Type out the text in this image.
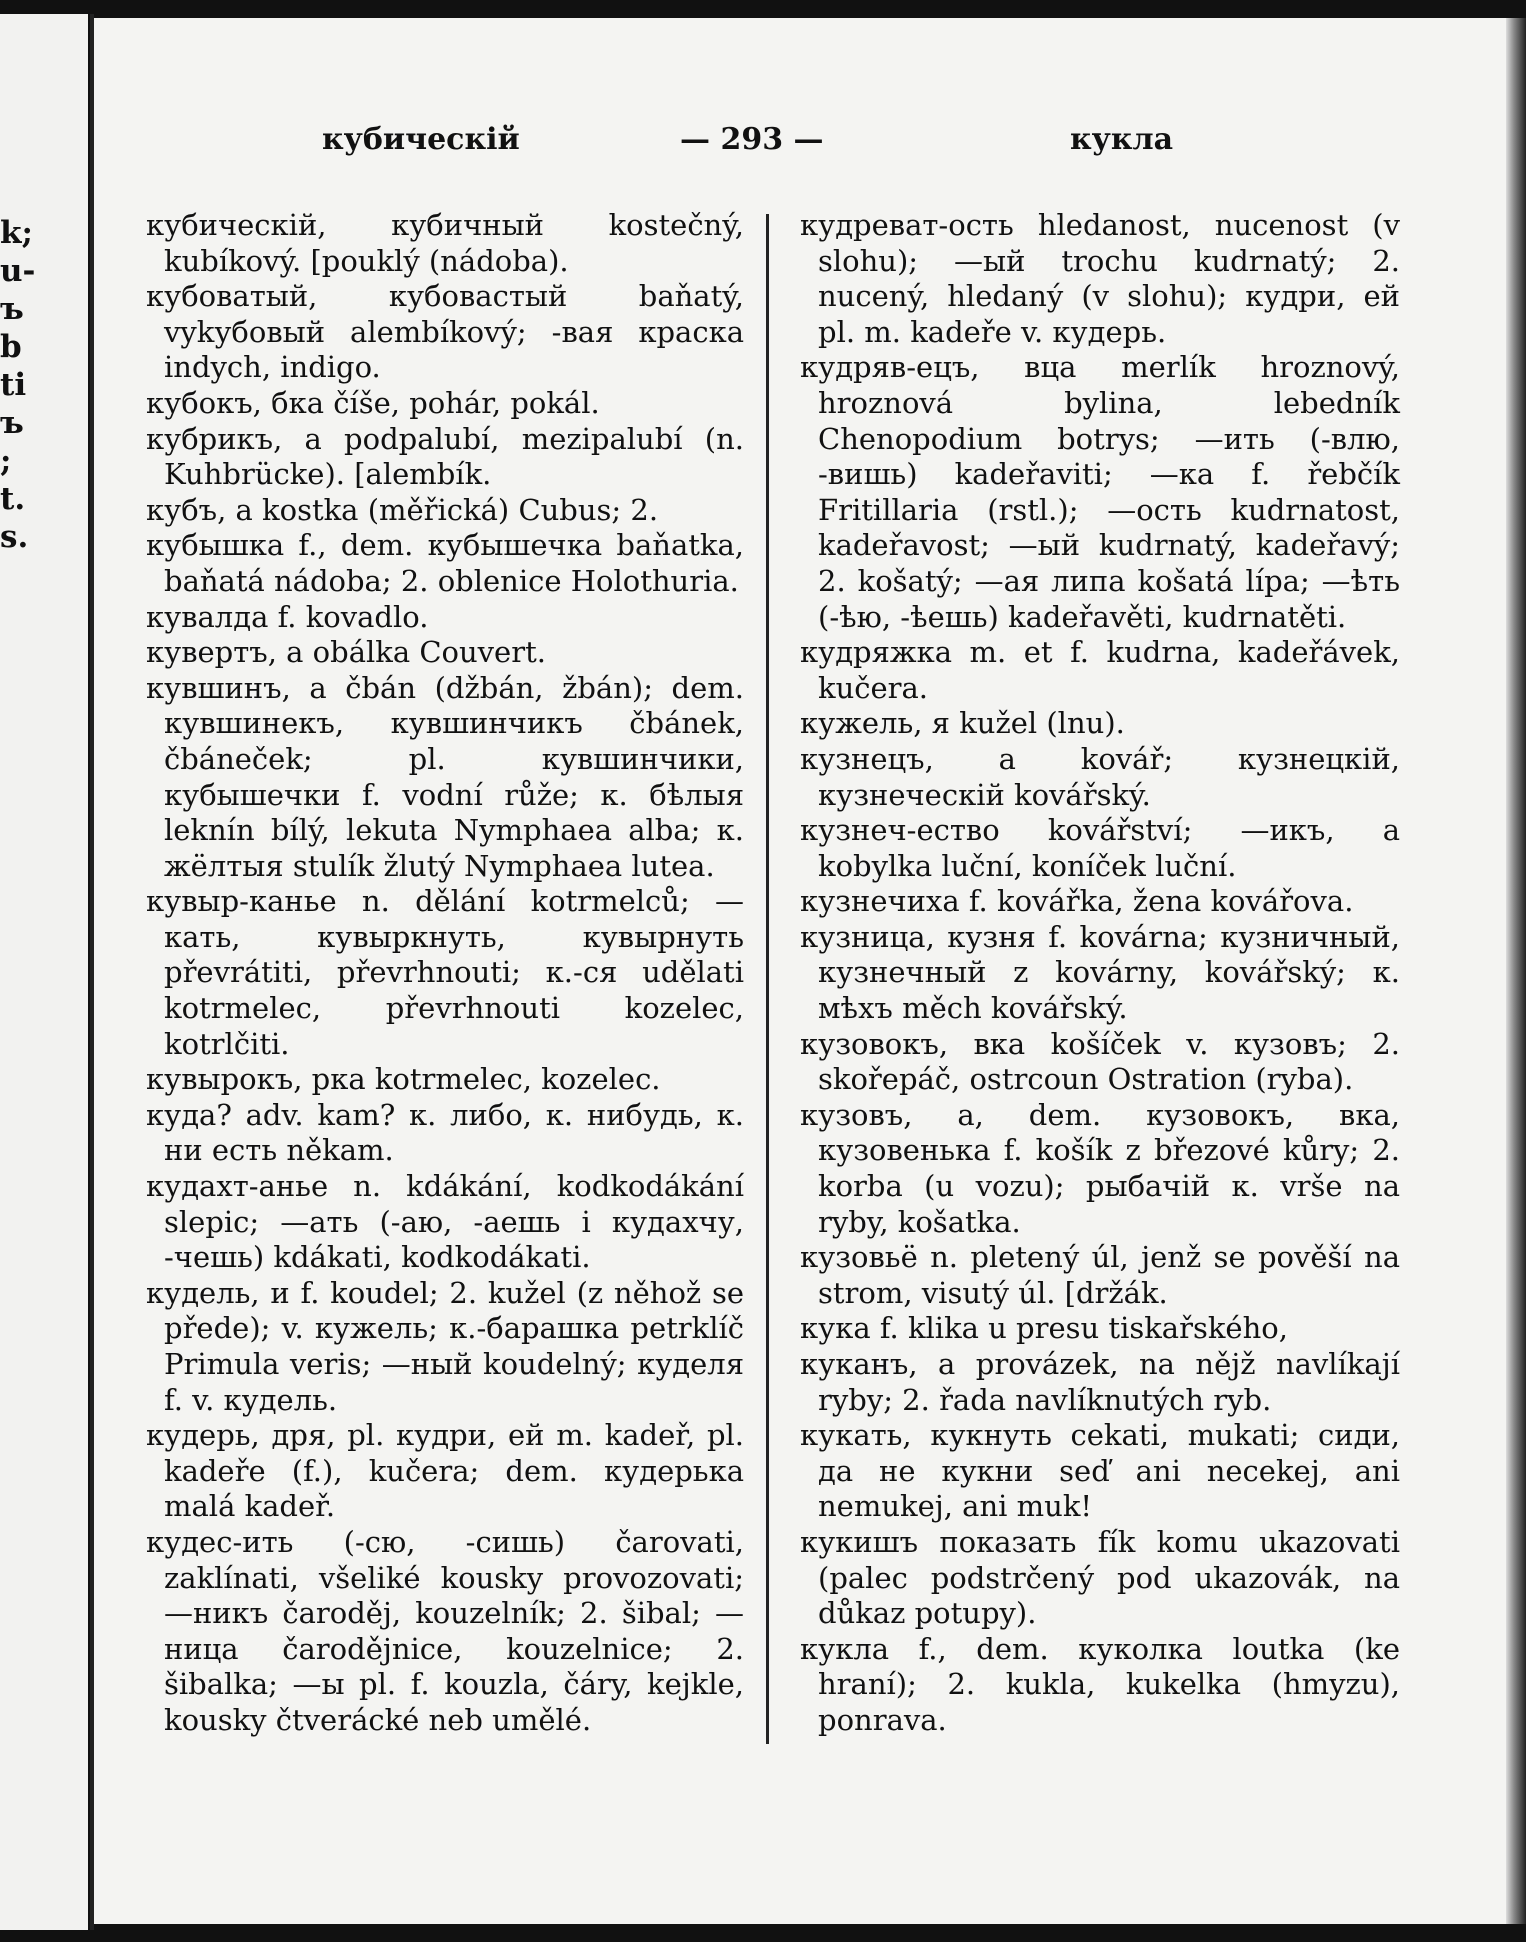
k;
u-
ъ
b
ti
ъ
;
t.
s.
кубическій	— 293 —	кукла

кубическій, кубичный kostečný, kubíkový. [pouklý (nádoba).

кубоватый, кубовастый baňatý, vykубовый alembíkový; -вая краска indych, indigo.

кубокъ, бка číše, pohár, pokál.

кубрикъ, а podpalubí, mezipalubí (n. Kuhbrücke). [alembík.

кубъ, а kostka (měřická) Cubus; 2.

кубышка f., dem. кубышечка baňatka, baňatá nádoba; 2. oblenice Holothuria.

кувалда f. kovadlo.

кувертъ, а obálka Couvert.

кувшинъ, а čbán (džbán, žbán); dem. кувшинекъ, кувшинчикъ čbánek, čbáneček; pl. кувшинчики, кубышечки f. vodní růže; к. бѣлыя leknín bílý, lekuta Nymphaea alba; к. жёлтыя stulík žlutý Nymphaea lutea.

кувыр-канье n. dělání kotrmelců; —кать, кувыркнуть, кувырнуть převrátiti, převrhnouti; к.-ся udělati kotrmelec, převrhnouti kozelec, kotrlčiti.

кувырокъ, рка kotrmelec, kozelec.

куда? adv. kam? к. либо, к. нибудь, к. ни есть někam.

кудахт-анье n. kdákání, kodkodákání slepic; —ать (-аю, -аешь i кудахчу, -чешь) kdákati, kodkodákati.

кудель, и f. koudel; 2. kužel (z něhož se přede); v. кужель; к.-барашка petrklíč Primula veris; —ный koudelný; куделя f. v. кудель.

кудерь, дря, pl. кудри, ей m. kadeř, pl. kadeře (f.), kučera; dem. кудерька malá kadeř.

кудес-ить (-сю, -сишь) čarovati, zaklínati, všeliké kousky provozovati; —никъ čaroděj, kouzelník; 2. šibal; —ница čarodějnice, kouzelnice; 2. šibalka; —ы pl. f. kouzla, čáry, kejkle, kousky čtverácké neb umělé.

кудреват-ость hledanost, nucenost (v slohu); —ый trochu kudrnatý; 2. nucený, hledaný (v slohu); кудри, ей pl. m. kadeře v. кудерь.

кудряв-ецъ, вца merlík hroznový, hroznová bylina, lebedník Chenopodium botrys; —ить (-влю, -вишь) kadeřaviti; —ка f. řebčík Fritillaria (rstl.); —ость kudrnatost, kadeřavost; —ый kudrnatý, kadeřavý; 2. košatý; —ая липа košatá lípa; —ѣть (-ѣю, -ѣешь) kadeřavěti, kudrnatěti.

кудряжка m. et f. kudrna, kadeřávek, kučera.

кужель, я kužel (lnu).

кузнецъ, а kovář; кузнецкій, кузнеческій kovářský.

кузнеч-ество kovářství; —икъ, а kobylka luční, koníček luční.

кузнечиха f. kovářka, žena kovářova.

кузница, кузня f. kovárna; кузничный, кузнечный z kovárny, kovářský; к. мѣхъ měch kovářský.

кузовокъ, вка košíček v. кузовъ; 2. skořepáč, ostrcoun Ostration (ryba).

кузовъ, а, dem. кузовокъ, вка, кузовенька f. košík z březové kůry; 2. korba (u vozu); рыбачій к. vrše na ryby, košatka.

кузовьё n. pletený úl, jenž se pověší na strom, visutý úl. [držák.

кука f. klika u presu tiskařského,

куканъ, а provázek, na nějž navlíkají ryby; 2. řada navlíknutých ryb.

кукать, кукнуть cekati, mukati; сиди, да не кукни seď ani necekej, ani nemukej, ani muk!

кукишъ показать fík komu ukazovati (palec podstrčený pod ukazovák, na důkaz potupy).

кукла f., dem. куколка loutka (ke hraní); 2. kukla, kukelka (hmyzu), ponrava.
